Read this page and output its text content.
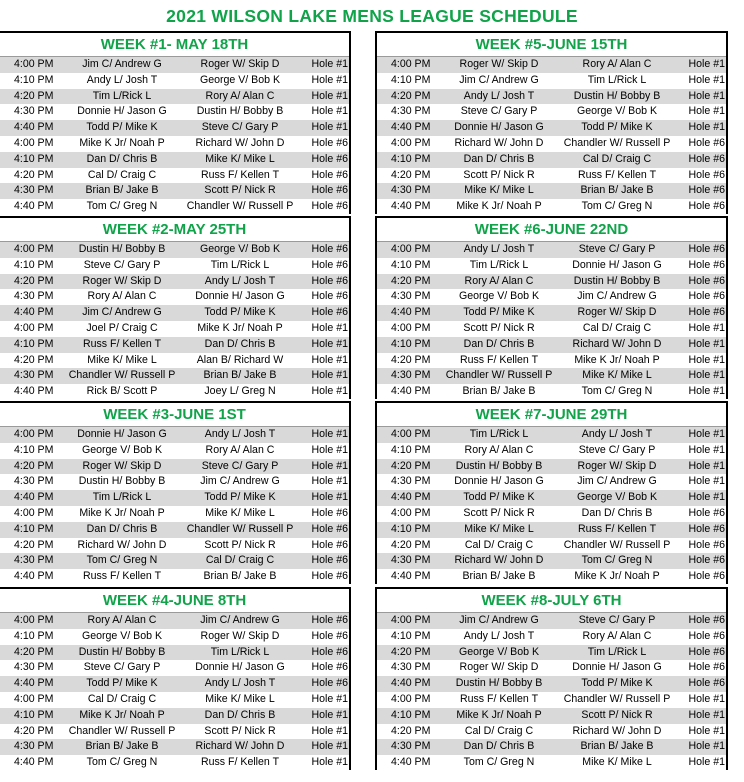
2021 WILSON LAKE MENS LEAGUE SCHEDULE
WEEK #1- MAY 18TH
4:00 PM	Jim C/ Andrew G	Roger W/ Skip D	Hole #1
4:10 PM	Andy L/ Josh T	George V/ Bob K	Hole #1
4:20 PM	Tim L/Rick L	Rory A/ Alan C	Hole #1
4:30 PM	Donnie H/ Jason G	Dustin H/ Bobby B	Hole #1
4:40 PM	Todd P/ Mike K	Steve C/ Gary P	Hole #1
4:00 PM	Mike K Jr/ Noah P	Richard W/ John D	Hole #6
4:10 PM	Dan D/ Chris B	Mike K/ Mike L	Hole #6
4:20 PM	Cal D/ Craig C	Russ F/ Kellen T	Hole #6
4:30 PM	Brian B/ Jake B	Scott P/ Nick R	Hole #6
4:40 PM	Tom C/ Greg N	Chandler W/ Russell P	Hole #6
WEEK #5-JUNE 15TH
4:00 PM	Roger W/ Skip D	Rory A/ Alan C	Hole #1
4:10 PM	Jim C/ Andrew G	Tim L/Rick L	Hole #1
4:20 PM	Andy L/ Josh T	Dustin H/ Bobby B	Hole #1
4:30 PM	Steve C/ Gary P	George V/ Bob K	Hole #1
4:40 PM	Donnie H/ Jason G	Todd P/ Mike K	Hole #1
4:00 PM	Richard W/ John D	Chandler W/ Russell P	Hole #6
4:10 PM	Dan D/ Chris B	Cal D/ Craig C	Hole #6
4:20 PM	Scott P/ Nick R	Russ F/ Kellen T	Hole #6
4:30 PM	Mike K/ Mike L	Brian B/ Jake B	Hole #6
4:40 PM	Mike K Jr/ Noah P	Tom C/ Greg N	Hole #6
WEEK #2-MAY 25TH
4:00 PM	Dustin H/ Bobby B	George V/ Bob K	Hole #6
4:10 PM	Steve C/ Gary P	Tim L/Rick L	Hole #6
4:20 PM	Roger W/ Skip D	Andy L/ Josh T	Hole #6
4:30 PM	Rory A/ Alan C	Donnie H/ Jason G	Hole #6
4:40 PM	Jim C/ Andrew G	Todd P/ Mike K	Hole #6
4:00 PM	Joel P/ Craig C	Mike K Jr/ Noah P	Hole #1
4:10 PM	Russ F/ Kellen T	Dan D/ Chris B	Hole #1
4:20 PM	Mike K/ Mike L	Alan B/ Richard W	Hole #1
4:30 PM	Chandler W/ Russell P	Brian B/ Jake B	Hole #1
4:40 PM	Rick B/ Scott P	Joey L/ Greg N	Hole #1
WEEK #6-JUNE 22ND
4:00 PM	Andy L/ Josh T	Steve C/ Gary P	Hole #6
4:10 PM	Tim L/Rick L	Donnie H/ Jason G	Hole #6
4:20 PM	Rory A/ Alan C	Dustin H/ Bobby B	Hole #6
4:30 PM	George V/ Bob K	Jim C/ Andrew G	Hole #6
4:40 PM	Todd P/ Mike K	Roger W/ Skip D	Hole #6
4:00 PM	Scott P/ Nick R	Cal D/ Craig C	Hole #1
4:10 PM	Dan D/ Chris B	Richard W/ John D	Hole #1
4:20 PM	Russ F/ Kellen T	Mike K Jr/ Noah P	Hole #1
4:30 PM	Chandler W/ Russell P	Mike K/ Mike L	Hole #1
4:40 PM	Brian B/ Jake B	Tom C/ Greg N	Hole #1
WEEK #3-JUNE 1ST
4:00 PM	Donnie H/ Jason G	Andy L/ Josh T	Hole #1
4:10 PM	George V/ Bob K	Rory A/ Alan C	Hole #1
4:20 PM	Roger W/ Skip D	Steve C/ Gary P	Hole #1
4:30 PM	Dustin H/ Bobby B	Jim C/ Andrew G	Hole #1
4:40 PM	Tim L/Rick L	Todd P/ Mike K	Hole #1
4:00 PM	Mike K Jr/ Noah P	Mike K/ Mike L	Hole #6
4:10 PM	Dan D/ Chris B	Chandler W/ Russell P	Hole #6
4:20 PM	Richard W/ John D	Scott P/ Nick R	Hole #6
4:30 PM	Tom C/ Greg N	Cal D/ Craig C	Hole #6
4:40 PM	Russ F/ Kellen T	Brian B/ Jake B	Hole #6
WEEK #7-JUNE 29TH
4:00 PM	Tim L/Rick L	Andy L/ Josh T	Hole #1
4:10 PM	Rory A/ Alan C	Steve C/ Gary P	Hole #1
4:20 PM	Dustin H/ Bobby B	Roger W/ Skip D	Hole #1
4:30 PM	Donnie H/ Jason G	Jim C/ Andrew G	Hole #1
4:40 PM	Todd P/ Mike K	George V/ Bob K	Hole #1
4:00 PM	Scott P/ Nick R	Dan D/ Chris B	Hole #6
4:10 PM	Mike K/ Mike L	Russ F/ Kellen T	Hole #6
4:20 PM	Cal D/ Craig C	Chandler W/ Russell P	Hole #6
4:30 PM	Richard W/ John D	Tom C/ Greg N	Hole #6
4:40 PM	Brian B/ Jake B	Mike K Jr/ Noah P	Hole #6
WEEK #4-JUNE 8TH
4:00 PM	Rory A/ Alan C	Jim C/ Andrew G	Hole #6
4:10 PM	George V/ Bob K	Roger W/ Skip D	Hole #6
4:20 PM	Dustin H/ Bobby B	Tim L/Rick L	Hole #6
4:30 PM	Steve C/ Gary P	Donnie H/ Jason G	Hole #6
4:40 PM	Todd P/ Mike K	Andy L/ Josh T	Hole #6
4:00 PM	Cal D/ Craig C	Mike K/ Mike L	Hole #1
4:10 PM	Mike K Jr/ Noah P	Dan D/ Chris B	Hole #1
4:20 PM	Chandler W/ Russell P	Scott P/ Nick R	Hole #1
4:30 PM	Brian B/ Jake B	Richard W/ John D	Hole #1
4:40 PM	Tom C/ Greg N	Russ F/ Kellen T	Hole #1
WEEK #8-JULY 6TH
4:00 PM	Jim C/ Andrew G	Steve C/ Gary P	Hole #6
4:10 PM	Andy L/ Josh T	Rory A/ Alan C	Hole #6
4:20 PM	George V/ Bob K	Tim L/Rick L	Hole #6
4:30 PM	Roger W/ Skip D	Donnie H/ Jason G	Hole #6
4:40 PM	Dustin H/ Bobby B	Todd P/ Mike K	Hole #6
4:00 PM	Russ F/ Kellen T	Chandler W/ Russell P	Hole #1
4:10 PM	Mike K Jr/ Noah P	Scott P/ Nick R	Hole #1
4:20 PM	Cal D/ Craig C	Richard W/ John D	Hole #1
4:30 PM	Dan D/ Chris B	Brian B/ Jake B	Hole #1
4:40 PM	Tom C/ Greg N	Mike K/ Mike L	Hole #1
